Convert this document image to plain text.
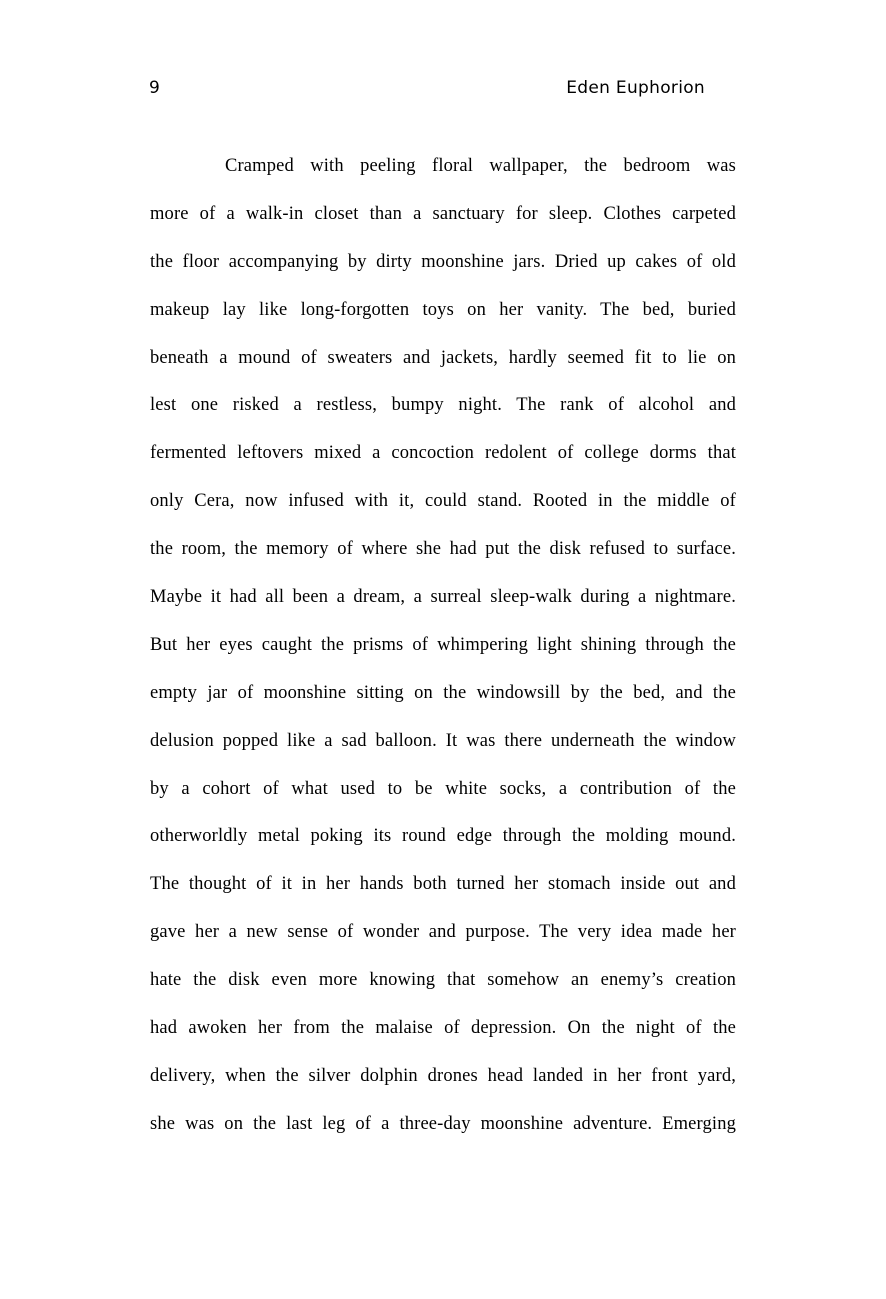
9	Eden Euphorion
Cramped with peeling floral wallpaper, the bedroom was
more of a walk-in closet than a sanctuary for sleep. Clothes carpeted
the floor accompanying by dirty moonshine jars. Dried up cakes of old
makeup lay like long-forgotten toys on her vanity. The bed, buried
beneath a mound of sweaters and jackets, hardly seemed fit to lie on
lest one risked a restless, bumpy night. The rank of alcohol and
fermented leftovers mixed a concoction redolent of college dorms that
only Cera, now infused with it, could stand. Rooted in the middle of
the room, the memory of where she had put the disk refused to surface.
Maybe it had all been a dream, a surreal sleep-walk during a nightmare.
But her eyes caught the prisms of whimpering light shining through the
empty jar of moonshine sitting on the windowsill by the bed, and the
delusion popped like a sad balloon. It was there underneath the window
by a cohort of what used to be white socks, a contribution of the
otherworldly metal poking its round edge through the molding mound.
The thought of it in her hands both turned her stomach inside out and
gave her a new sense of wonder and purpose. The very idea made her
hate the disk even more knowing that somehow an enemy’s creation
had awoken her from the malaise of depression. On the night of the
delivery, when the silver dolphin drones head landed in her front yard,
she was on the last leg of a three-day moonshine adventure. Emerging
